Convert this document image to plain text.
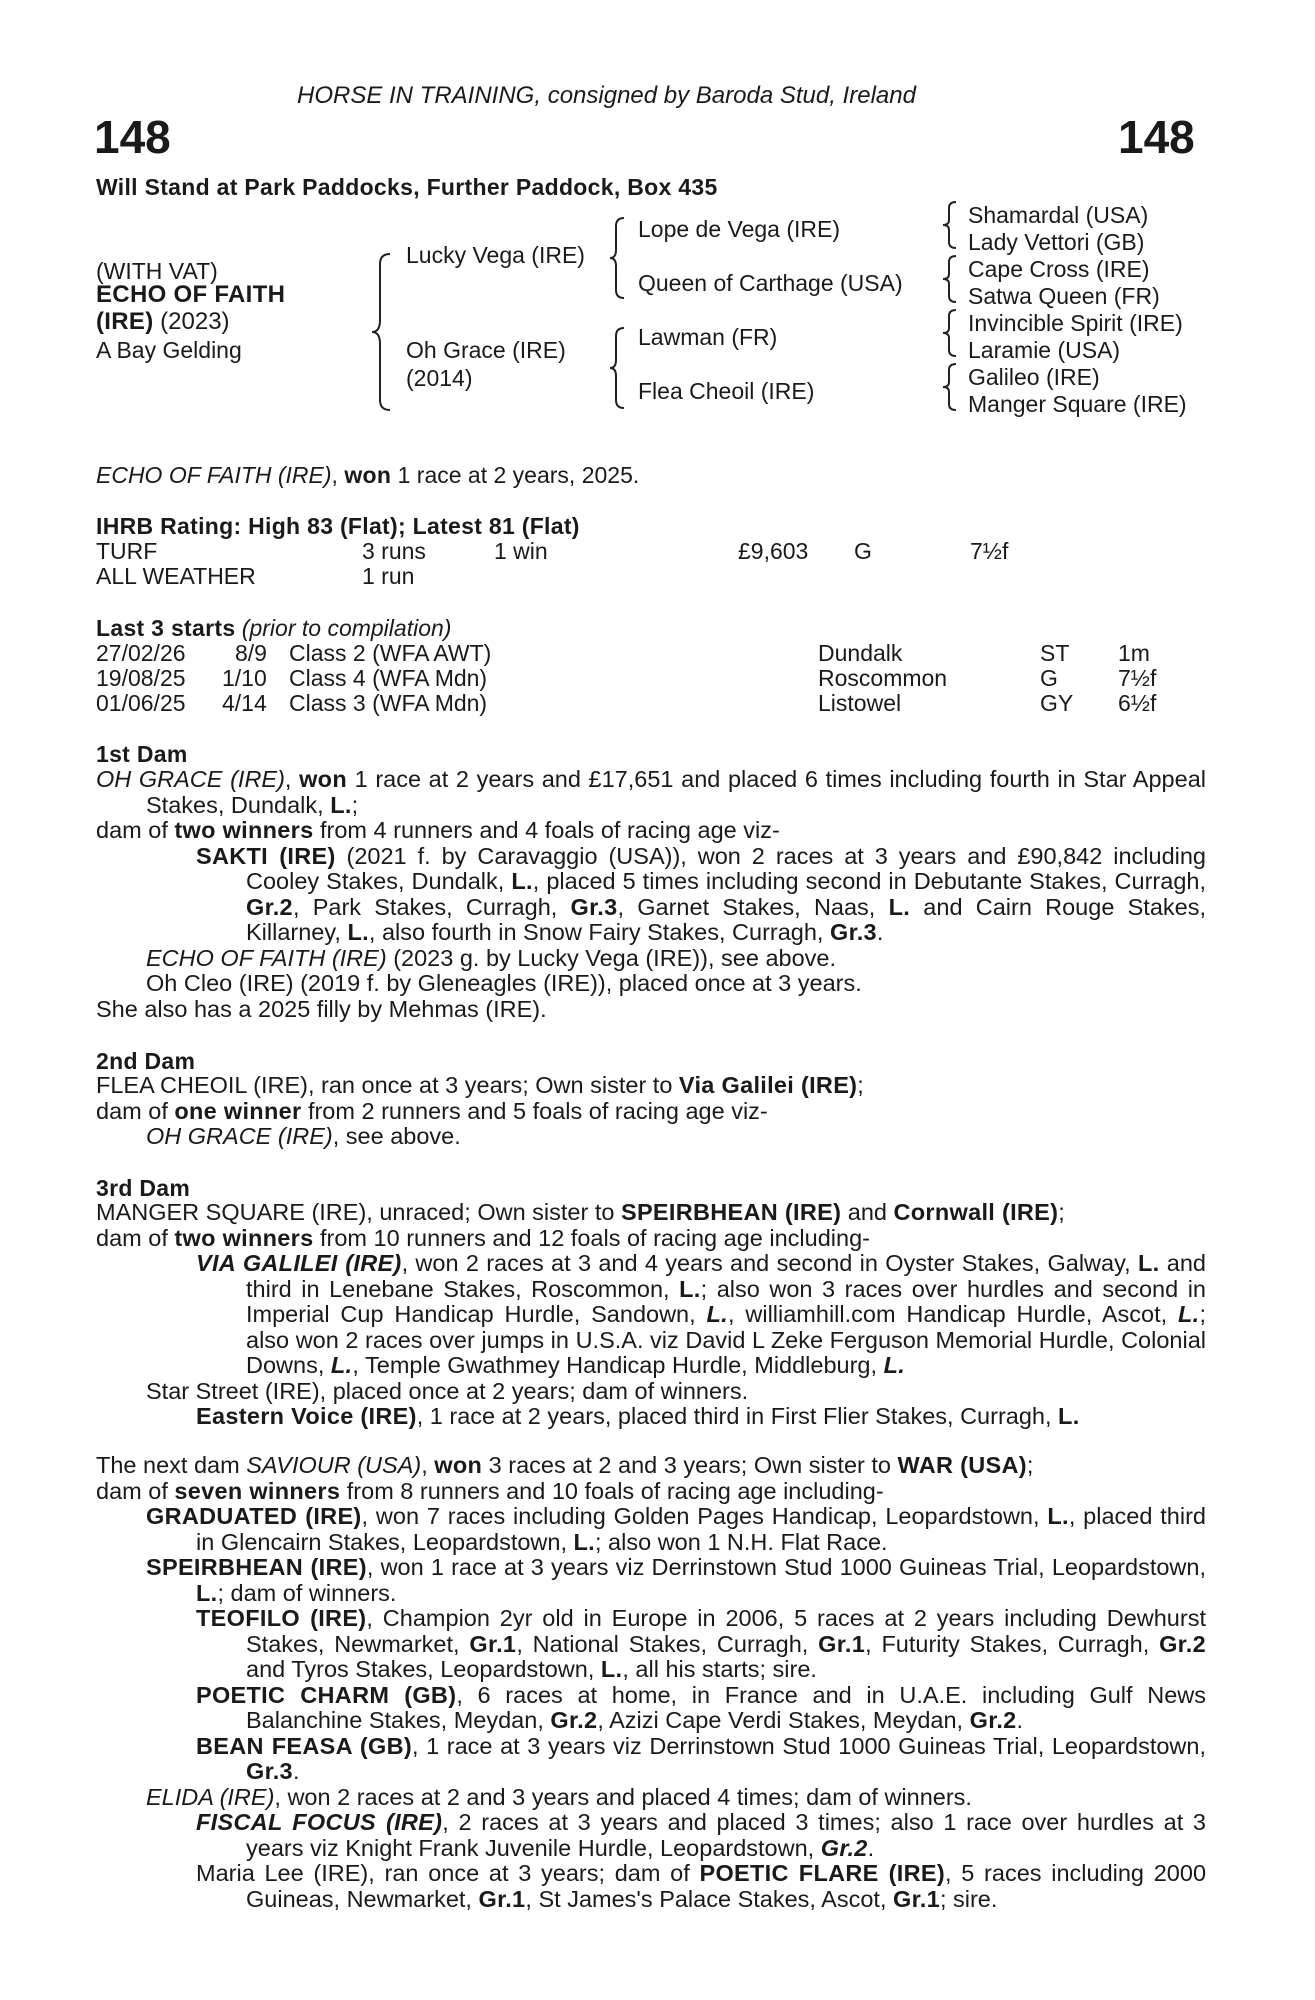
HORSE IN TRAINING, consigned by Baroda Stud, Ireland
148	148
Will Stand at Park Paddocks, Further Paddock, Box 435
(WITH VAT)
ECHO OF FAITH
(IRE) (2023)
A Bay Gelding
Lucky Vega (IRE)
Oh Grace (IRE)
(2014)
Lope de Vega (IRE)
Queen of Carthage (USA)
Lawman (FR)
Flea Cheoil (IRE)
Shamardal (USA)
Lady Vettori (GB)
Cape Cross (IRE)
Satwa Queen (FR)
Invincible Spirit (IRE)
Laramie (USA)
Galileo (IRE)
Manger Square (IRE)
ECHO OF FAITH (IRE), won 1 race at 2 years, 2025.
IHRB Rating: High 83 (Flat); Latest 81 (Flat)
TURF	3 runs	1 win	£9,603 G	7½f
ALL WEATHER	1 run
Last 3 starts (prior to compilation)
27/02/26 8/9 Class 2 (WFA AWT)	Dundalk	ST 1m
19/08/25 1/10 Class 4 (WFA Mdn)	Roscommon	G	7½f
01/06/25 4/14 Class 3 (WFA Mdn)	Listowel	GY 6½f
1st Dam
OH GRACE (IRE), won 1 race at 2 years and £17,651 and placed 6 times including fourth in Star Appeal Stakes, Dundalk, L.;
dam of two winners from 4 runners and 4 foals of racing age viz-
SAKTI (IRE) (2021 f. by Caravaggio (USA)), won 2 races at 3 years and £90,842 including Cooley Stakes, Dundalk, L., placed 5 times including second in Debutante Stakes, Curragh, Gr.2, Park Stakes, Curragh, Gr.3, Garnet Stakes, Naas, L. and Cairn Rouge Stakes, Killarney, L., also fourth in Snow Fairy Stakes, Curragh, Gr.3.
ECHO OF FAITH (IRE) (2023 g. by Lucky Vega (IRE)), see above.
Oh Cleo (IRE) (2019 f. by Gleneagles (IRE)), placed once at 3 years.
She also has a 2025 filly by Mehmas (IRE).
2nd Dam
FLEA CHEOIL (IRE), ran once at 3 years; Own sister to Via Galilei (IRE);
dam of one winner from 2 runners and 5 foals of racing age viz-
OH GRACE (IRE), see above.
3rd Dam
MANGER SQUARE (IRE), unraced; Own sister to SPEIRBHEAN (IRE) and Cornwall (IRE);
dam of two winners from 10 runners and 12 foals of racing age including-
VIA GALILEI (IRE), won 2 races at 3 and 4 years and second in Oyster Stakes, Galway, L. and third in Lenebane Stakes, Roscommon, L.; also won 3 races over hurdles and second in Imperial Cup Handicap Hurdle, Sandown, L., williamhill.com Handicap Hurdle, Ascot, L.; also won 2 races over jumps in U.S.A. viz David L Zeke Ferguson Memorial Hurdle, Colonial Downs, L., Temple Gwathmey Handicap Hurdle, Middleburg, L.
Star Street (IRE), placed once at 2 years; dam of winners.
Eastern Voice (IRE), 1 race at 2 years, placed third in First Flier Stakes, Curragh, L.
The next dam SAVIOUR (USA), won 3 races at 2 and 3 years; Own sister to WAR (USA);
dam of seven winners from 8 runners and 10 foals of racing age including-
GRADUATED (IRE), won 7 races including Golden Pages Handicap, Leopardstown, L., placed third in Glencairn Stakes, Leopardstown, L.; also won 1 N.H. Flat Race.
SPEIRBHEAN (IRE), won 1 race at 3 years viz Derrinstown Stud 1000 Guineas Trial, Leopardstown, L.; dam of winners.
TEOFILO (IRE), Champion 2yr old in Europe in 2006, 5 races at 2 years including Dewhurst Stakes, Newmarket, Gr.1, National Stakes, Curragh, Gr.1, Futurity Stakes, Curragh, Gr.2 and Tyros Stakes, Leopardstown, L., all his starts; sire.
POETIC CHARM (GB), 6 races at home, in France and in U.A.E. including Gulf News Balanchine Stakes, Meydan, Gr.2, Azizi Cape Verdi Stakes, Meydan, Gr.2.
BEAN FEASA (GB), 1 race at 3 years viz Derrinstown Stud 1000 Guineas Trial, Leopardstown, Gr.3.
ELIDA (IRE), won 2 races at 2 and 3 years and placed 4 times; dam of winners.
FISCAL FOCUS (IRE), 2 races at 3 years and placed 3 times; also 1 race over hurdles at 3 years viz Knight Frank Juvenile Hurdle, Leopardstown, Gr.2.
Maria Lee (IRE), ran once at 3 years; dam of POETIC FLARE (IRE), 5 races including 2000 Guineas, Newmarket, Gr.1, St James's Palace Stakes, Ascot, Gr.1; sire.
